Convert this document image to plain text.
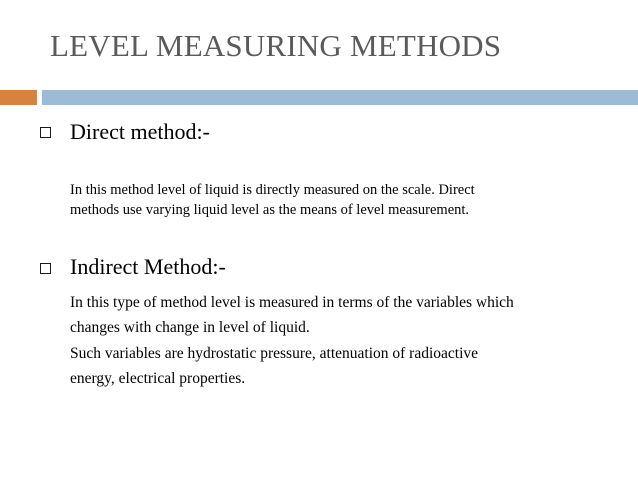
LEVEL MEASURING METHODS
Direct method:-
In this method level of liquid is directly measured on the scale. Direct
methods use varying liquid level as the means of level measurement.
Indirect Method:-
In this type of method level is measured in terms of the variables which
changes with change in level of liquid.
Such variables are hydrostatic pressure, attenuation of radioactive
energy, electrical properties.
